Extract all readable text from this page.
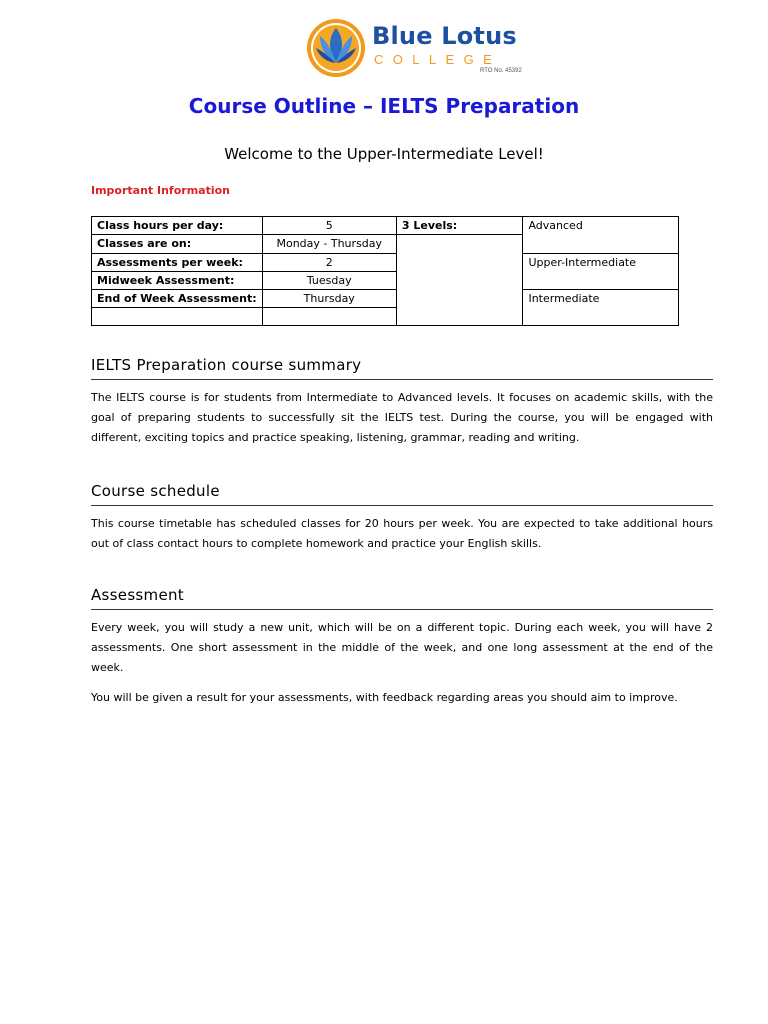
Blue Lotus
COLLEGE
RTO No. 45392
Course Outline – IELTS Preparation
Welcome to the Upper-Intermediate Level!
Important Information
Class hours per day:	5	3 Levels:	Advanced
Classes are on:	Monday - Thursday		
Assessments per week:	2		Upper-Intermediate
Midweek Assessment:	Tuesday		
End of Week Assessment:	Thursday		Intermediate

IELTS Preparation course summary

The IELTS course is for students from Intermediate to Advanced levels. It focuses on academic skills, with the goal of preparing students to successfully sit the IELTS test. During the course, you will be engaged with different, exciting topics and practice speaking, listening, grammar, reading and writing.

Course schedule

This course timetable has scheduled classes for 20 hours per week. You are expected to take additional hours out of class contact hours to complete homework and practice your English skills.

Assessment

Every week, you will study a new unit, which will be on a different topic. During each week, you will have 2 assessments. One short assessment in the middle of the week, and one long assessment at the end of the week.

You will be given a result for your assessments, with feedback regarding areas you should aim to improve.
